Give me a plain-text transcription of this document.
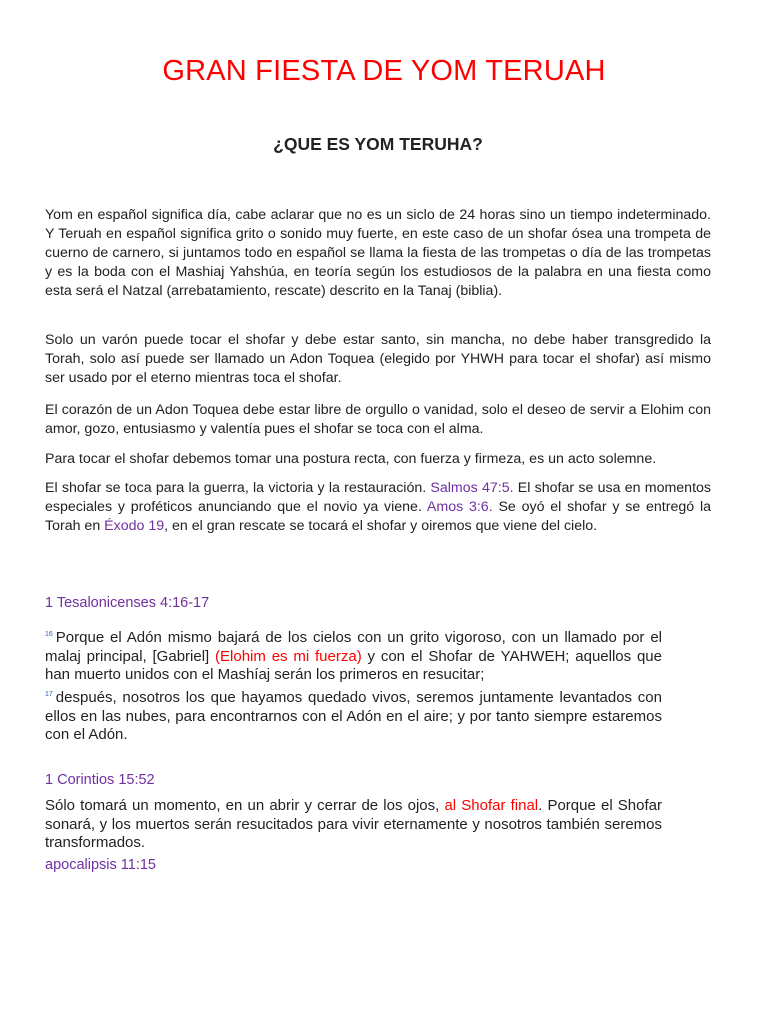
GRAN FIESTA DE YOM TERUAH
¿QUE ES YOM TERUHA?

Yom en español significa día, cabe aclarar que no es un siclo de 24 horas sino un tiempo indeterminado. Y Teruah en español significa grito o sonido muy fuerte, en este caso de un shofar ósea una trompeta de cuerno de carnero, si juntamos todo en español se llama la fiesta de las trompetas o día de las trompetas y es la boda con el Mashiaj Yahshúa, en teoría según los estudiosos de la palabra en una fiesta como esta será el Natzal (arrebatamiento, rescate) descrito en la Tanaj (biblia).

Solo un varón puede tocar el shofar y debe estar santo, sin mancha, no debe haber transgredido la Torah, solo así puede ser llamado un Adon Toquea (elegido por YHWH para tocar el shofar) así mismo ser usado por el eterno mientras toca el shofar.

El corazón de un Adon Toquea debe estar libre de orgullo o vanidad, solo el deseo de servir a Elohim con amor, gozo, entusiasmo y valentía pues el shofar se toca con el alma.

Para tocar el shofar debemos tomar una postura recta, con fuerza y firmeza, es un acto solemne.

El shofar se toca para la guerra, la victoria y la restauración. Salmos 47:5. El shofar se usa en momentos especiales y proféticos anunciando que el novio ya viene. Amos 3:6. Se oyó el shofar y se entregó la Torah en Éxodo 19, en el gran rescate se tocará el shofar y oiremos que viene del cielo.

1 Tesalonicenses 4:16-17

$^{16}$ Porque el Adón mismo bajará de los cielos con un grito vigoroso, con un llamado por el malaj principal, [Gabriel] (Elohim es mi fuerza) y con el Shofar de YAHWEH; aquellos que han muerto unidos con el Mashíaj serán los primeros en resucitar;

$^{17}$ después, nosotros los que hayamos quedado vivos, seremos juntamente levantados con ellos en las nubes, para encontrarnos con el Adón en el aire; y por tanto siempre estaremos con el Adón.

1 Corintios 15:52

Sólo tomará un momento, en un abrir y cerrar de los ojos, al Shofar final. Porque el Shofar sonará, y los muertos serán resucitados para vivir eternamente y nosotros también seremos transformados.

apocalipsis 11:15
